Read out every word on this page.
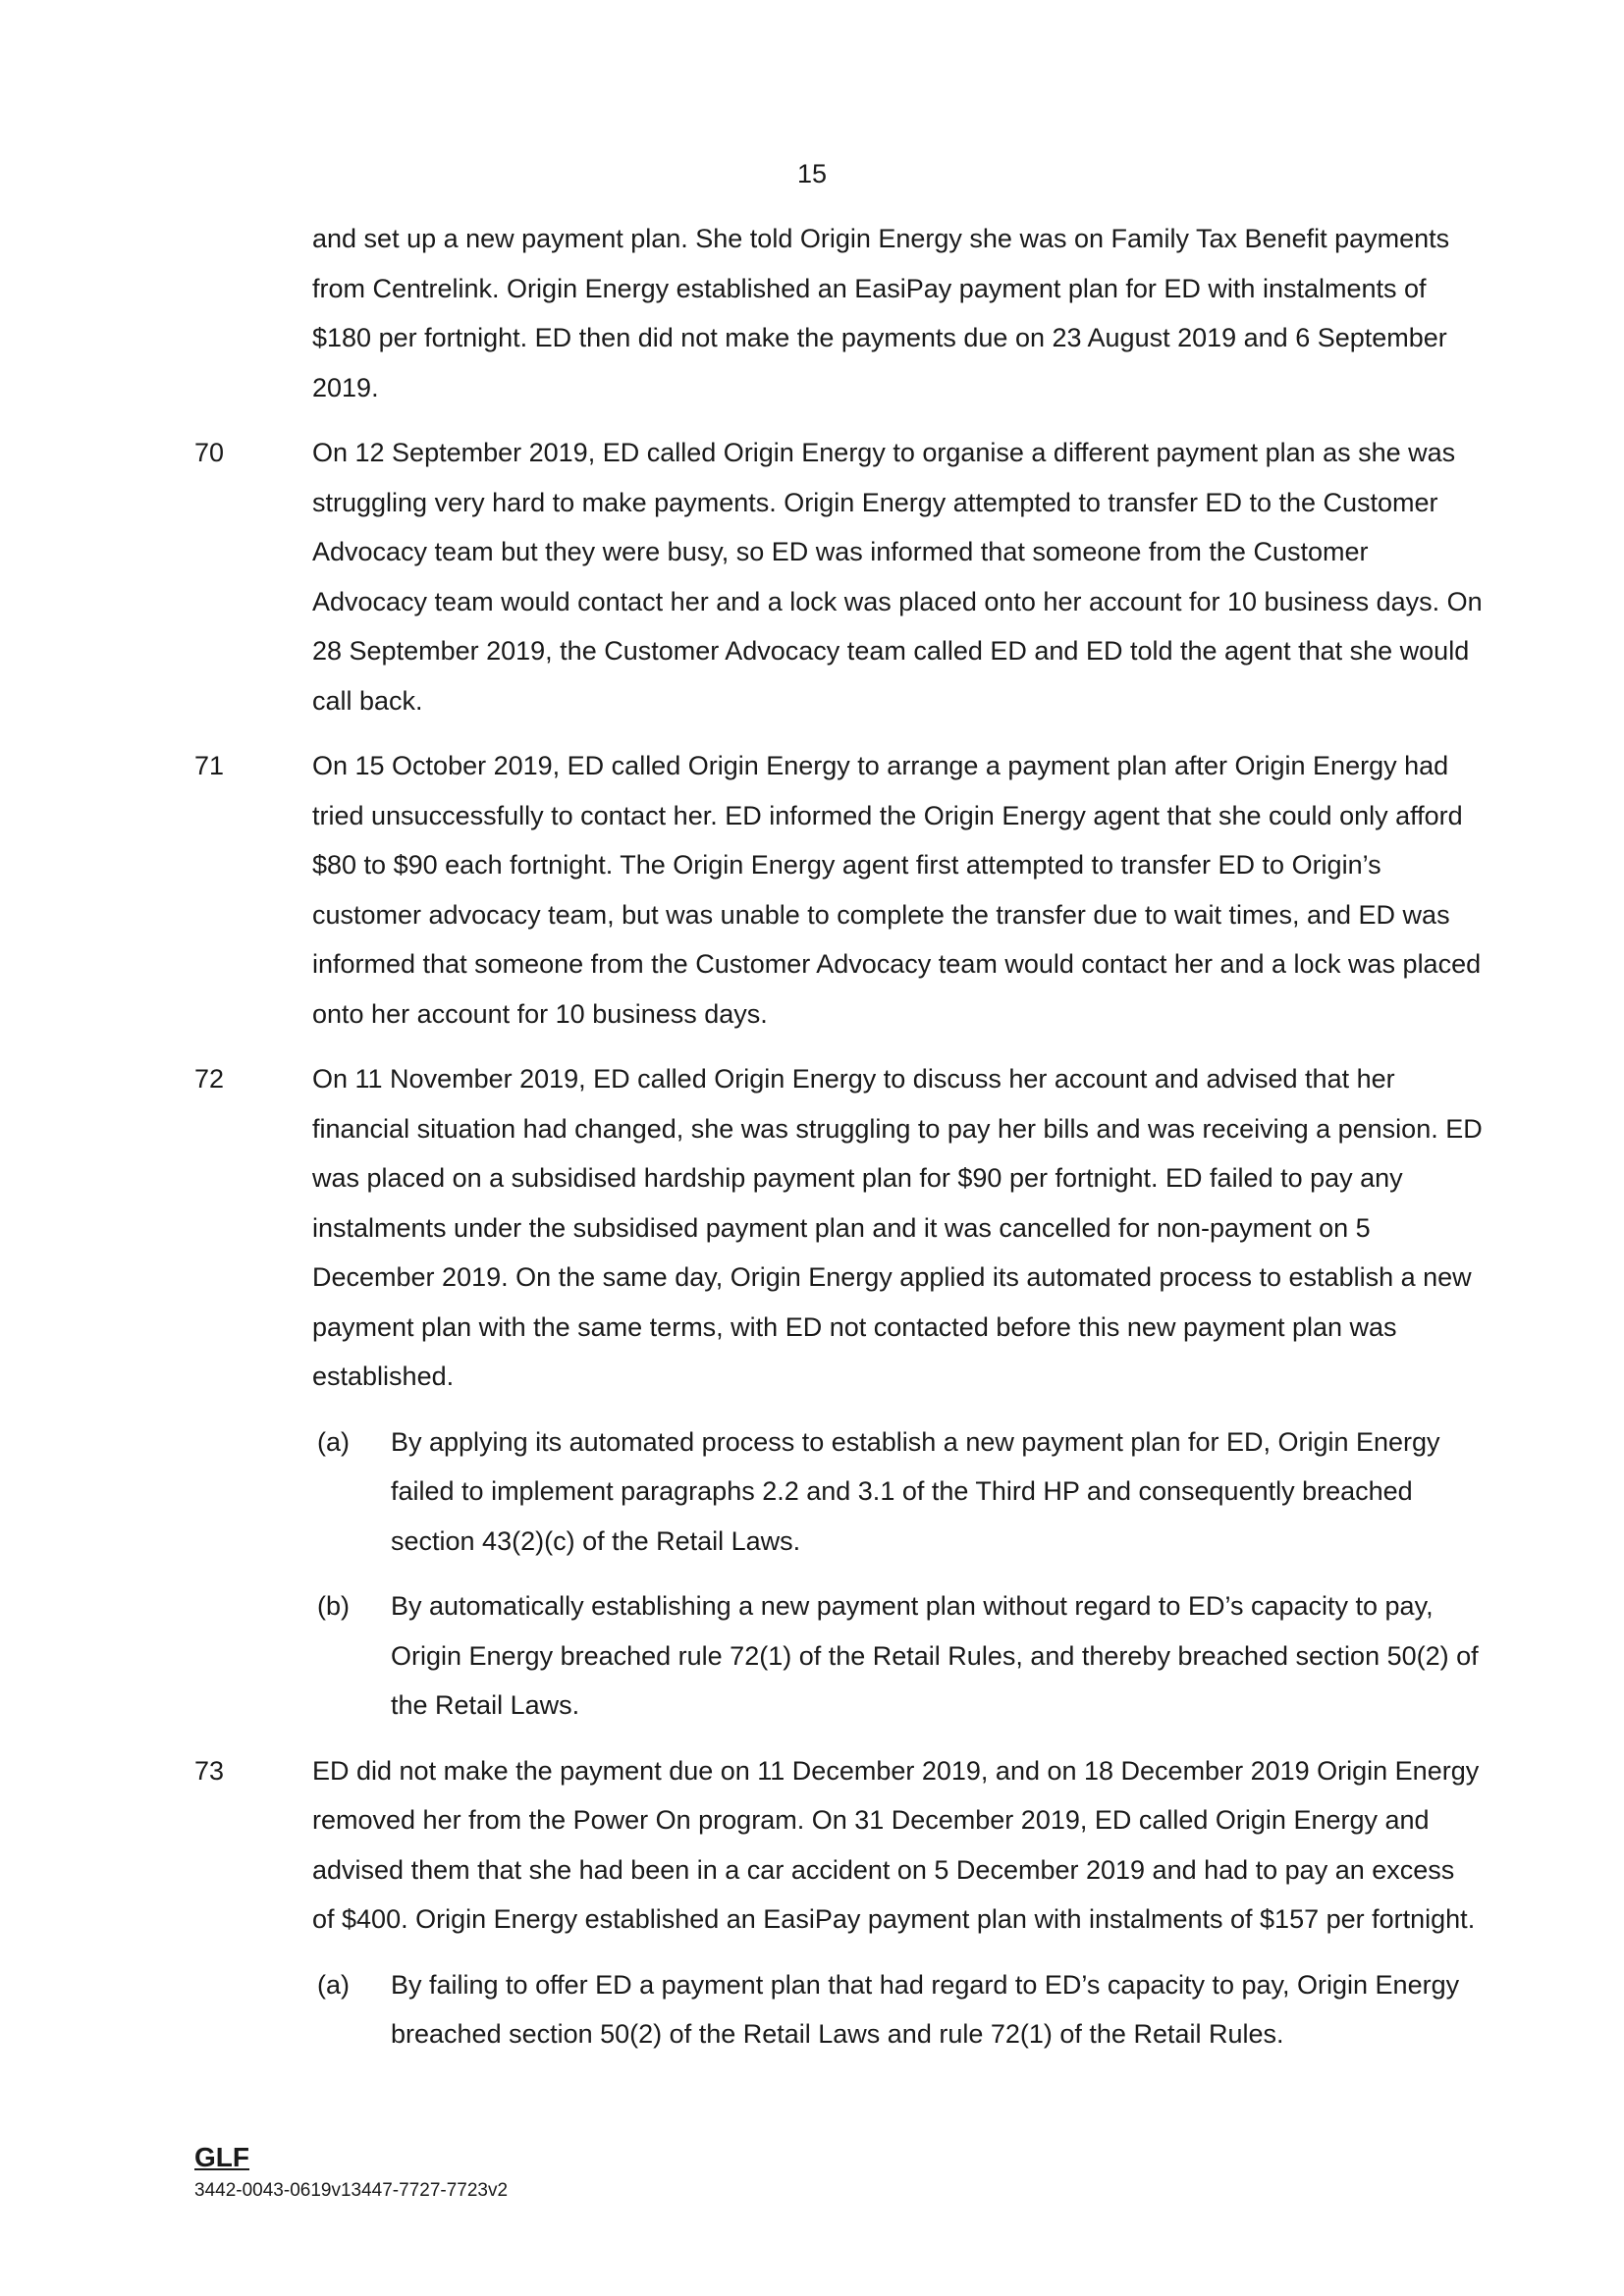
15
and set up a new payment plan. She told Origin Energy she was on Family Tax Benefit payments from Centrelink. Origin Energy established an EasiPay payment plan for ED with instalments of $180 per fortnight. ED then did not make the payments due on 23 August 2019 and 6 September 2019.
70	On 12 September 2019, ED called Origin Energy to organise a different payment plan as she was struggling very hard to make payments. Origin Energy attempted to transfer ED to the Customer Advocacy team but they were busy, so ED was informed that someone from the Customer Advocacy team would contact her and a lock was placed onto her account for 10 business days. On 28 September 2019, the Customer Advocacy team called ED and ED told the agent that she would call back.
71	On 15 October 2019, ED called Origin Energy to arrange a payment plan after Origin Energy had tried unsuccessfully to contact her. ED informed the Origin Energy agent that she could only afford $80 to $90 each fortnight. The Origin Energy agent first attempted to transfer ED to Origin’s customer advocacy team, but was unable to complete the transfer due to wait times, and ED was informed that someone from the Customer Advocacy team would contact her and a lock was placed onto her account for 10 business days.
72	On 11 November 2019, ED called Origin Energy to discuss her account and advised that her financial situation had changed, she was struggling to pay her bills and was receiving a pension. ED was placed on a subsidised hardship payment plan for $90 per fortnight. ED failed to pay any instalments under the subsidised payment plan and it was cancelled for non-payment on 5 December 2019. On the same day, Origin Energy applied its automated process to establish a new payment plan with the same terms, with ED not contacted before this new payment plan was established.
(a) By applying its automated process to establish a new payment plan for ED, Origin Energy failed to implement paragraphs 2.2 and 3.1 of the Third HP and consequently breached section 43(2)(c) of the Retail Laws.
(b) By automatically establishing a new payment plan without regard to ED’s capacity to pay, Origin Energy breached rule 72(1) of the Retail Rules, and thereby breached section 50(2) of the Retail Laws.
73	ED did not make the payment due on 11 December 2019, and on 18 December 2019 Origin Energy removed her from the Power On program. On 31 December 2019, ED called Origin Energy and advised them that she had been in a car accident on 5 December 2019 and had to pay an excess of $400. Origin Energy established an EasiPay payment plan with instalments of $157 per fortnight.
(a) By failing to offer ED a payment plan that had regard to ED’s capacity to pay, Origin Energy breached section 50(2) of the Retail Laws and rule 72(1) of the Retail Rules.
GLF
3442-0043-0619v13447-7727-7723v2
